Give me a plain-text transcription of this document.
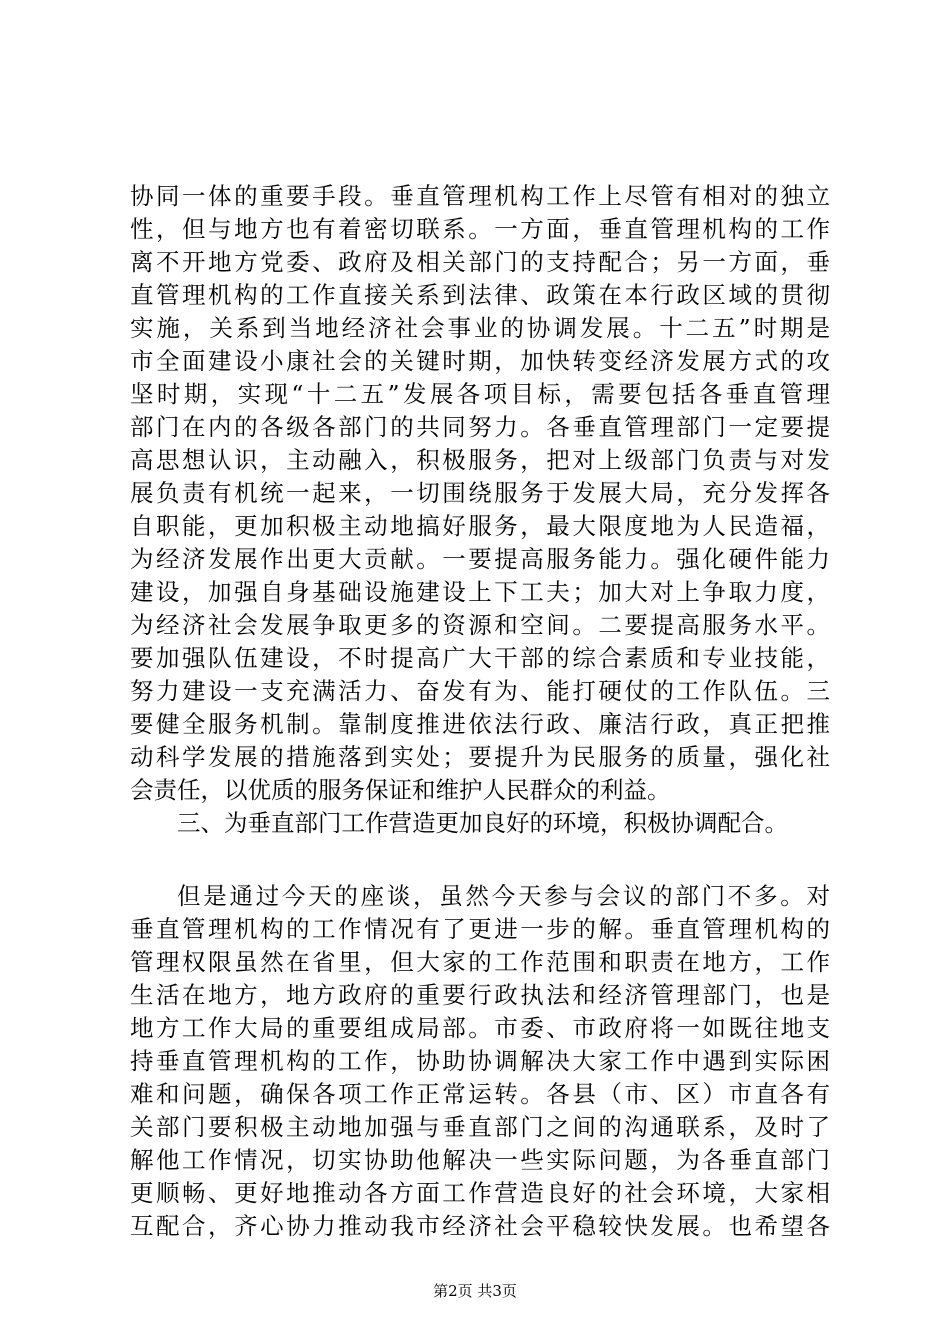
协同一体的重要手段。垂直管理机构工作上尽管有相对的独立
性，但与地方也有着密切联系。一方面，垂直管理机构的工作
离不开地方党委、政府及相关部门的支持配合；另一方面，垂
直管理机构的工作直接关系到法律、政策在本行政区域的贯彻
实施，关系到当地经济社会事业的协调发展。十二五”时期是
市全面建设小康社会的关键时期，加快转变经济发展方式的攻
坚时期，实现“十二五”发展各项目标，需要包括各垂直管理
部门在内的各级各部门的共同努力。各垂直管理部门一定要提
高思想认识，主动融入，积极服务，把对上级部门负责与对发
展负责有机统一起来，一切围绕服务于发展大局，充分发挥各
自职能，更加积极主动地搞好服务，最大限度地为人民造福，
为经济发展作出更大贡献。一要提高服务能力。强化硬件能力
建设，加强自身基础设施建设上下工夫；加大对上争取力度，
为经济社会发展争取更多的资源和空间。二要提高服务水平。
要加强队伍建设，不时提高广大干部的综合素质和专业技能，
努力建设一支充满活力、奋发有为、能打硬仗的工作队伍。三
要健全服务机制。靠制度推进依法行政、廉洁行政，真正把推
动科学发展的措施落到实处；要提升为民服务的质量，强化社
会责任，以优质的服务保证和维护人民群众的利益。
三、为垂直部门工作营造更加良好的环境，积极协调配合。
但是通过今天的座谈，虽然今天参与会议的部门不多。对
垂直管理机构的工作情况有了更进一步的解。垂直管理机构的
管理权限虽然在省里，但大家的工作范围和职责在地方，工作
生活在地方，地方政府的重要行政执法和经济管理部门，也是
地方工作大局的重要组成局部。市委、市政府将一如既往地支
持垂直管理机构的工作，协助协调解决大家工作中遇到实际困
难和问题，确保各项工作正常运转。各县（市、区）市直各有
关部门要积极主动地加强与垂直部门之间的沟通联系，及时了
解他工作情况，切实协助他解决一些实际问题，为各垂直部门
更顺畅、更好地推动各方面工作营造良好的社会环境，大家相
互配合，齐心协力推动我市经济社会平稳较快发展。也希望各
第2页 共3页
